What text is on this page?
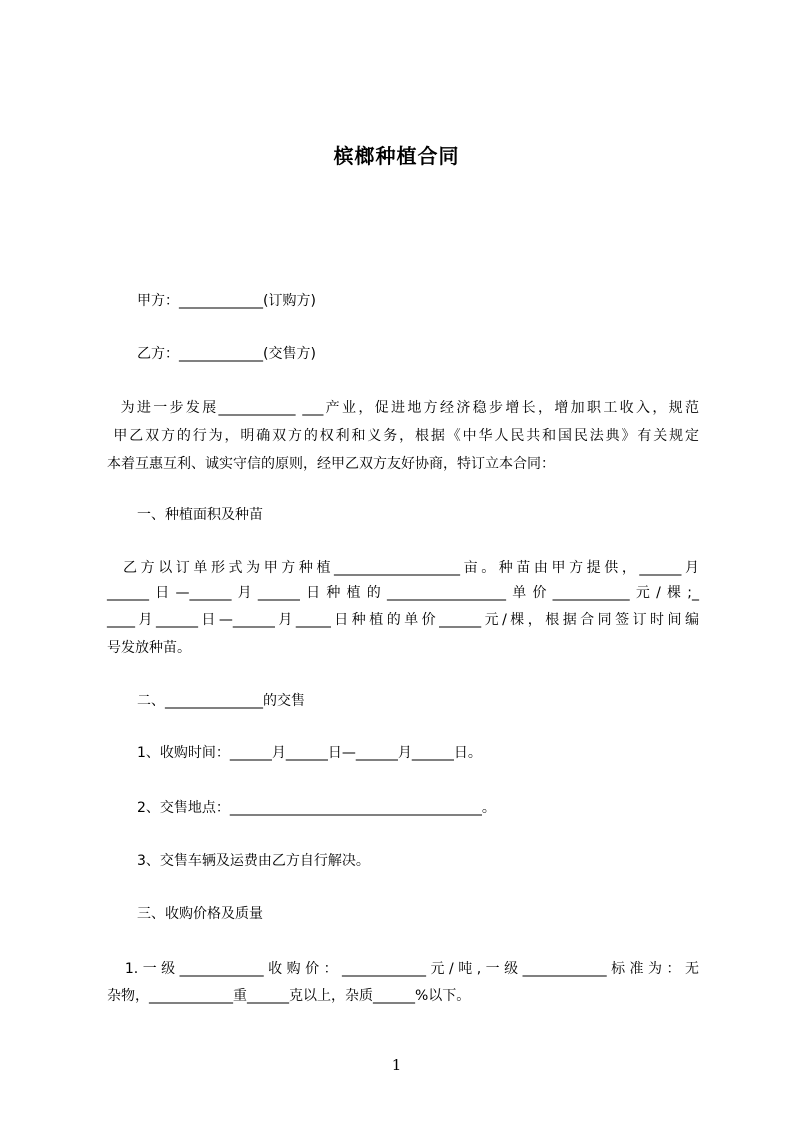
槟榔种植合同
甲方：____________(订购方)
乙方：____________(交售方)
为进一步发展___________ ___产业，促进地方经济稳步增长，增加职工收入，规范
甲乙双方的行为，明确双方的权利和义务，根据《中华人民共和国民法典》有关规定
本着互惠互利、诚实守信的原则，经甲乙双方友好协商，特订立本合同：
一、种植面积及种苗
乙方以订单形式为甲方种植__________________亩。种苗由甲方提供，______月
______日—______月______日种植的_________________单价___________元/棵;_
____月______日—______月_____日种植的单价______元/棵，根据合同签订时间编
号发放种苗。
二、______________的交售
1、收购时间：______月______日—______月______日。
2、交售地点：____________________________________。
3、交售车辆及运费由乙方自行解决。
三、收购价格及质量
1.一级____________收购价：____________元/吨,一级____________标准为：无
杂物，____________重______克以上，杂质______%以下。
1
